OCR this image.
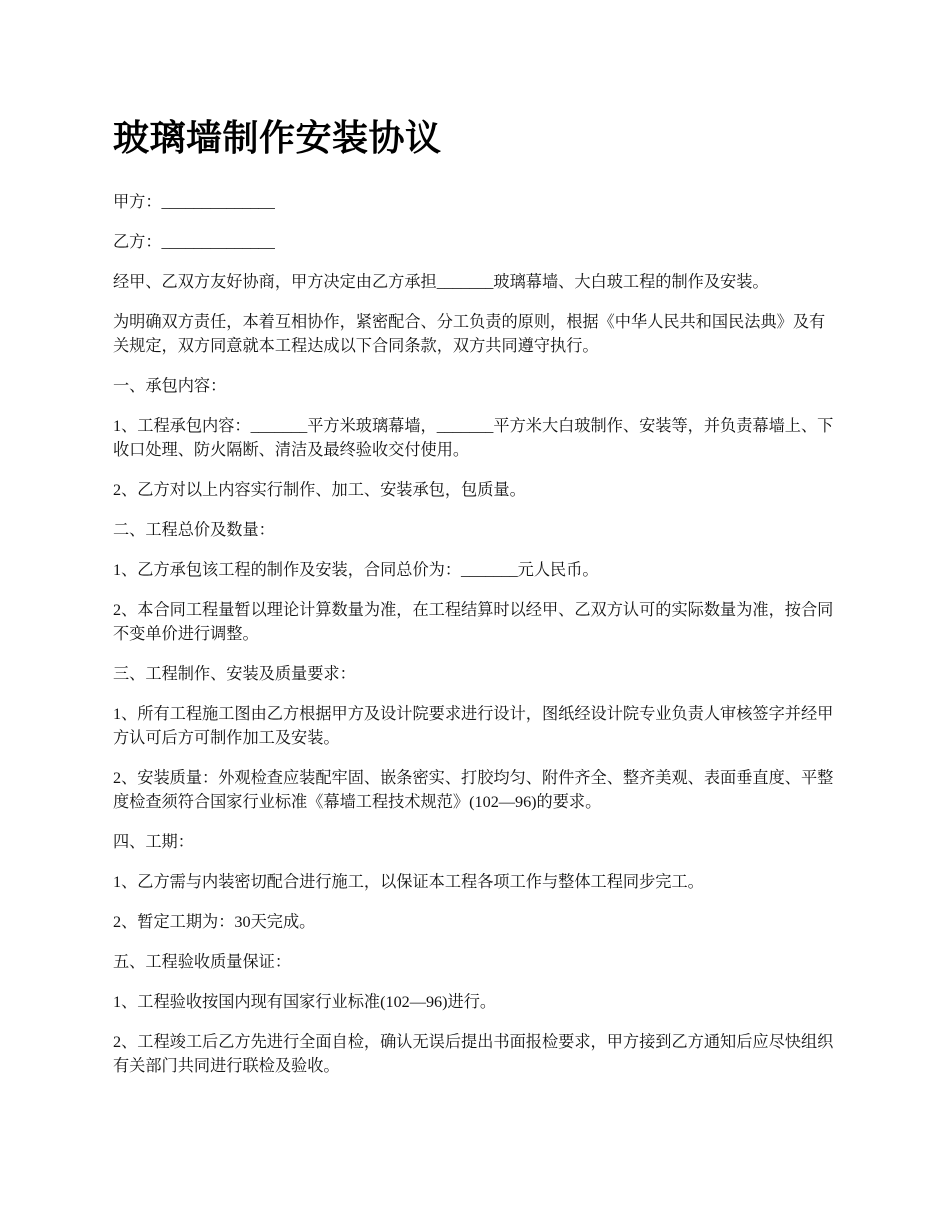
玻璃墙制作安装协议

甲方：______________

乙方：______________

经甲、乙双方友好协商，甲方决定由乙方承担_______玻璃幕墙、大白玻工程的制作及安装。

为明确双方责任，本着互相协作，紧密配合、分工负责的原则，根据《中华人民共和国民法典》及有关规定，双方同意就本工程达成以下合同条款，双方共同遵守执行。

一、承包内容：

1、工程承包内容：_______平方米玻璃幕墙，_______平方米大白玻制作、安装等，并负责幕墙上、下收口处理、防火隔断、清洁及最终验收交付使用。

2、乙方对以上内容实行制作、加工、安装承包，包质量。

二、工程总价及数量：

1、乙方承包该工程的制作及安装，合同总价为：_______元人民币。

2、本合同工程量暂以理论计算数量为准，在工程结算时以经甲、乙双方认可的实际数量为准，按合同不变单价进行调整。

三、工程制作、安装及质量要求：

1、所有工程施工图由乙方根据甲方及设计院要求进行设计，图纸经设计院专业负责人审核签字并经甲方认可后方可制作加工及安装。

2、安装质量：外观检查应装配牢固、嵌条密实、打胶均匀、附件齐全、整齐美观、表面垂直度、平整度检查须符合国家行业标准《幕墙工程技术规范》(102—96)的要求。

四、工期：

1、乙方需与内装密切配合进行施工，以保证本工程各项工作与整体工程同步完工。

2、暂定工期为：30天完成。

五、工程验收质量保证：

1、工程验收按国内现有国家行业标准(102—96)进行。

2、工程竣工后乙方先进行全面自检，确认无误后提出书面报检要求，甲方接到乙方通知后应尽快组织有关部门共同进行联检及验收。
